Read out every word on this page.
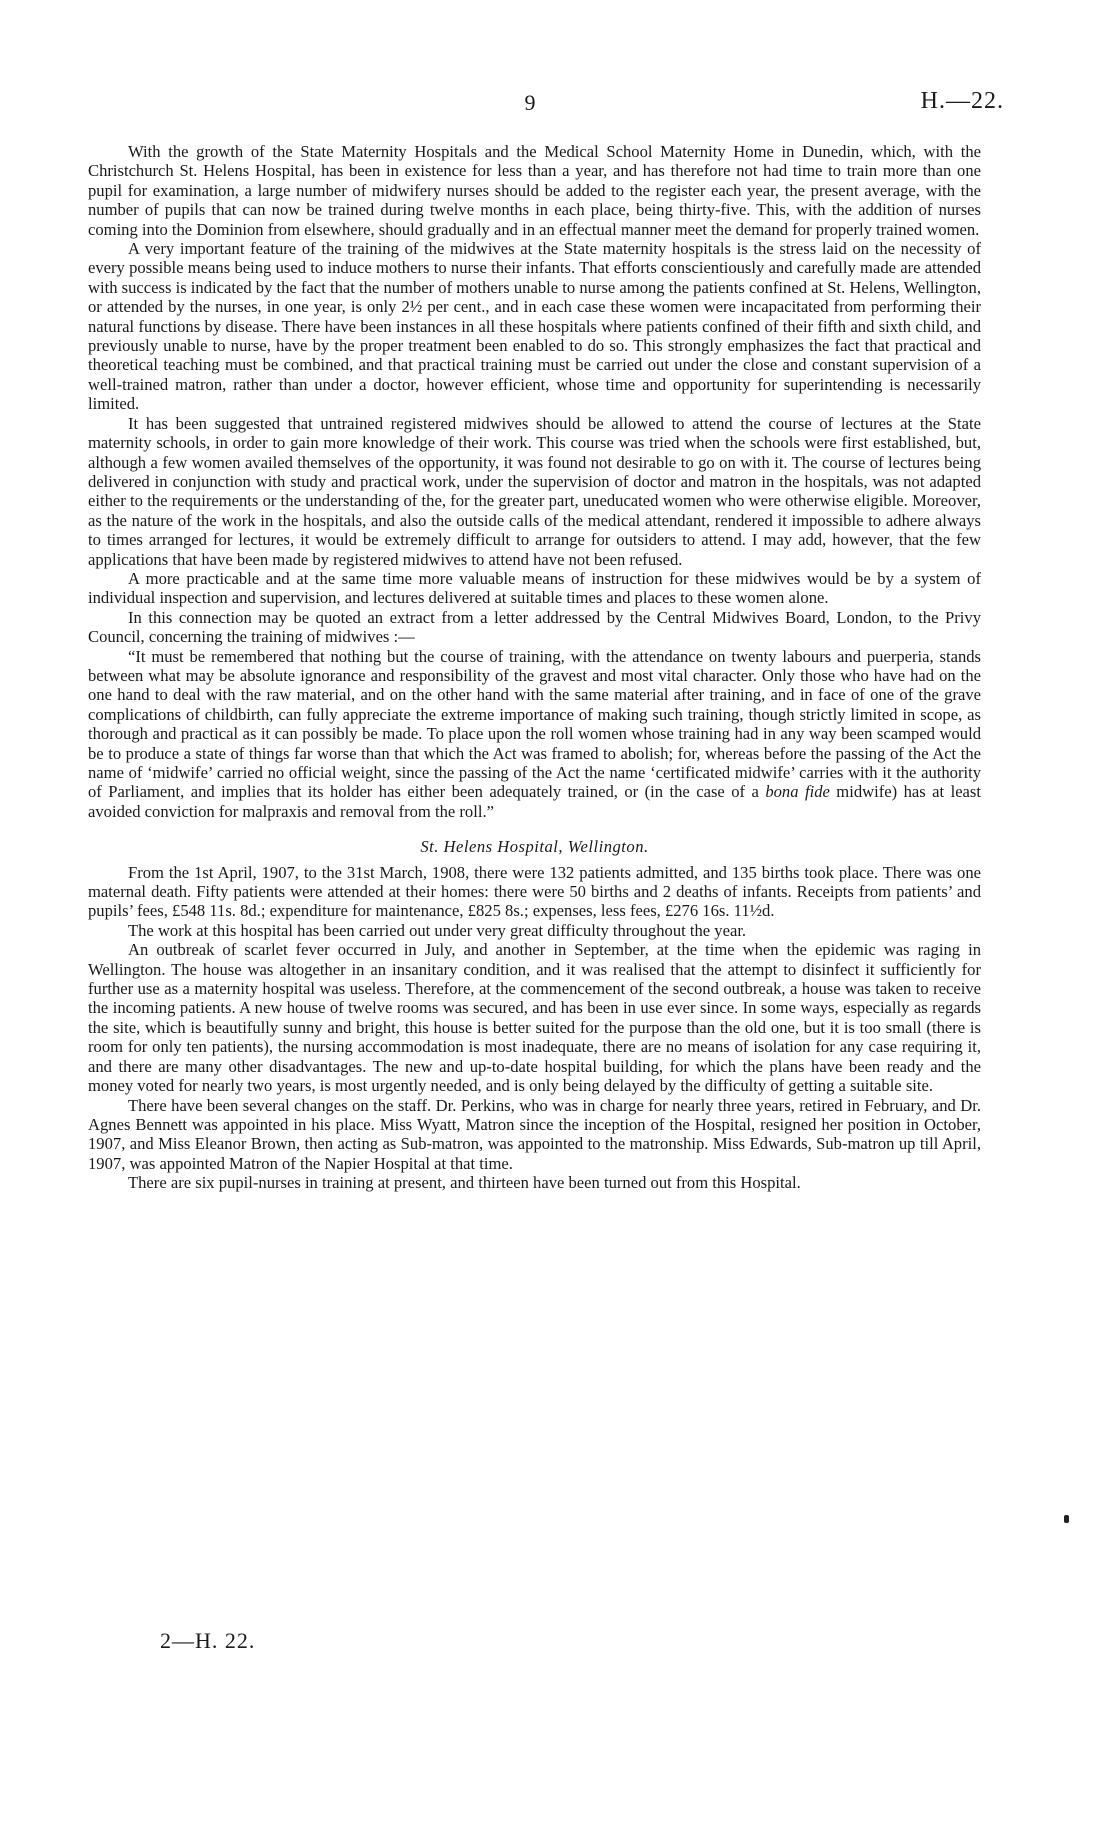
9	H.—22.

With the growth of the State Maternity Hospitals and the Medical School Maternity Home in Dunedin, which, with the Christchurch St. Helens Hospital, has been in existence for less than a year, and has therefore not had time to train more than one pupil for examination, a large number of midwifery nurses should be added to the register each year, the present average, with the number of pupils that can now be trained during twelve months in each place, being thirty-five. This, with the addition of nurses coming into the Dominion from elsewhere, should gradually and in an effectual manner meet the demand for properly trained women.

A very important feature of the training of the midwives at the State maternity hospitals is the stress laid on the necessity of every possible means being used to induce mothers to nurse their infants. That efforts conscientiously and carefully made are attended with success is indicated by the fact that the number of mothers unable to nurse among the patients confined at St. Helens, Wellington, or attended by the nurses, in one year, is only 2½ per cent., and in each case these women were incapacitated from performing their natural functions by disease. There have been instances in all these hospitals where patients confined of their fifth and sixth child, and previously unable to nurse, have by the proper treatment been enabled to do so. This strongly emphasizes the fact that practical and theoretical teaching must be combined, and that practical training must be carried out under the close and constant supervision of a well-trained matron, rather than under a doctor, however efficient, whose time and opportunity for superintending is necessarily limited.

It has been suggested that untrained registered midwives should be allowed to attend the course of lectures at the State maternity schools, in order to gain more knowledge of their work. This course was tried when the schools were first established, but, although a few women availed themselves of the opportunity, it was found not desirable to go on with it. The course of lectures being delivered in conjunction with study and practical work, under the supervision of doctor and matron in the hospitals, was not adapted either to the requirements or the understanding of the, for the greater part, uneducated women who were otherwise eligible. Moreover, as the nature of the work in the hospitals, and also the outside calls of the medical attendant, rendered it impossible to adhere always to times arranged for lectures, it would be extremely difficult to arrange for outsiders to attend. I may add, however, that the few applications that have been made by registered midwives to attend have not been refused.

A more practicable and at the same time more valuable means of instruction for these midwives would be by a system of individual inspection and supervision, and lectures delivered at suitable times and places to these women alone.

In this connection may be quoted an extract from a letter addressed by the Central Midwives Board, London, to the Privy Council, concerning the training of midwives :—

“It must be remembered that nothing but the course of training, with the attendance on twenty labours and puerperia, stands between what may be absolute ignorance and responsibility of the gravest and most vital character. Only those who have had on the one hand to deal with the raw material, and on the other hand with the same material after training, and in face of one of the grave complications of childbirth, can fully appreciate the extreme importance of making such training, though strictly limited in scope, as thorough and practical as it can possibly be made. To place upon the roll women whose training had in any way been scamped would be to produce a state of things far worse than that which the Act was framed to abolish; for, whereas before the passing of the Act the name of ‘midwife’ carried no official weight, since the passing of the Act the name ‘certificated midwife’ carries with it the authority of Parliament, and implies that its holder has either been adequately trained, or (in the case of a bona fide midwife) has at least avoided conviction for malpraxis and removal from the roll.”

St. Helens Hospital, Wellington.

From the 1st April, 1907, to the 31st March, 1908, there were 132 patients admitted, and 135 births took place. There was one maternal death. Fifty patients were attended at their homes: there were 50 births and 2 deaths of infants. Receipts from patients’ and pupils’ fees, £548 11s. 8d.; expenditure for maintenance, £825 8s.; expenses, less fees, £276 16s. 11½d.

The work at this hospital has been carried out under very great difficulty throughout the year.

An outbreak of scarlet fever occurred in July, and another in September, at the time when the epidemic was raging in Wellington. The house was altogether in an insanitary condition, and it was realised that the attempt to disinfect it sufficiently for further use as a maternity hospital was useless. Therefore, at the commencement of the second outbreak, a house was taken to receive the incoming patients. A new house of twelve rooms was secured, and has been in use ever since. In some ways, especially as regards the site, which is beautifully sunny and bright, this house is better suited for the purpose than the old one, but it is too small (there is room for only ten patients), the nursing accommodation is most inadequate, there are no means of isolation for any case requiring it, and there are many other disadvantages. The new and up-to-date hospital building, for which the plans have been ready and the money voted for nearly two years, is most urgently needed, and is only being delayed by the difficulty of getting a suitable site.

There have been several changes on the staff. Dr. Perkins, who was in charge for nearly three years, retired in February, and Dr. Agnes Bennett was appointed in his place. Miss Wyatt, Matron since the inception of the Hospital, resigned her position in October, 1907, and Miss Eleanor Brown, then acting as Sub-matron, was appointed to the matronship. Miss Edwards, Sub-matron up till April, 1907, was appointed Matron of the Napier Hospital at that time.

There are six pupil-nurses in training at present, and thirteen have been turned out from this Hospital.

2—H. 22.
